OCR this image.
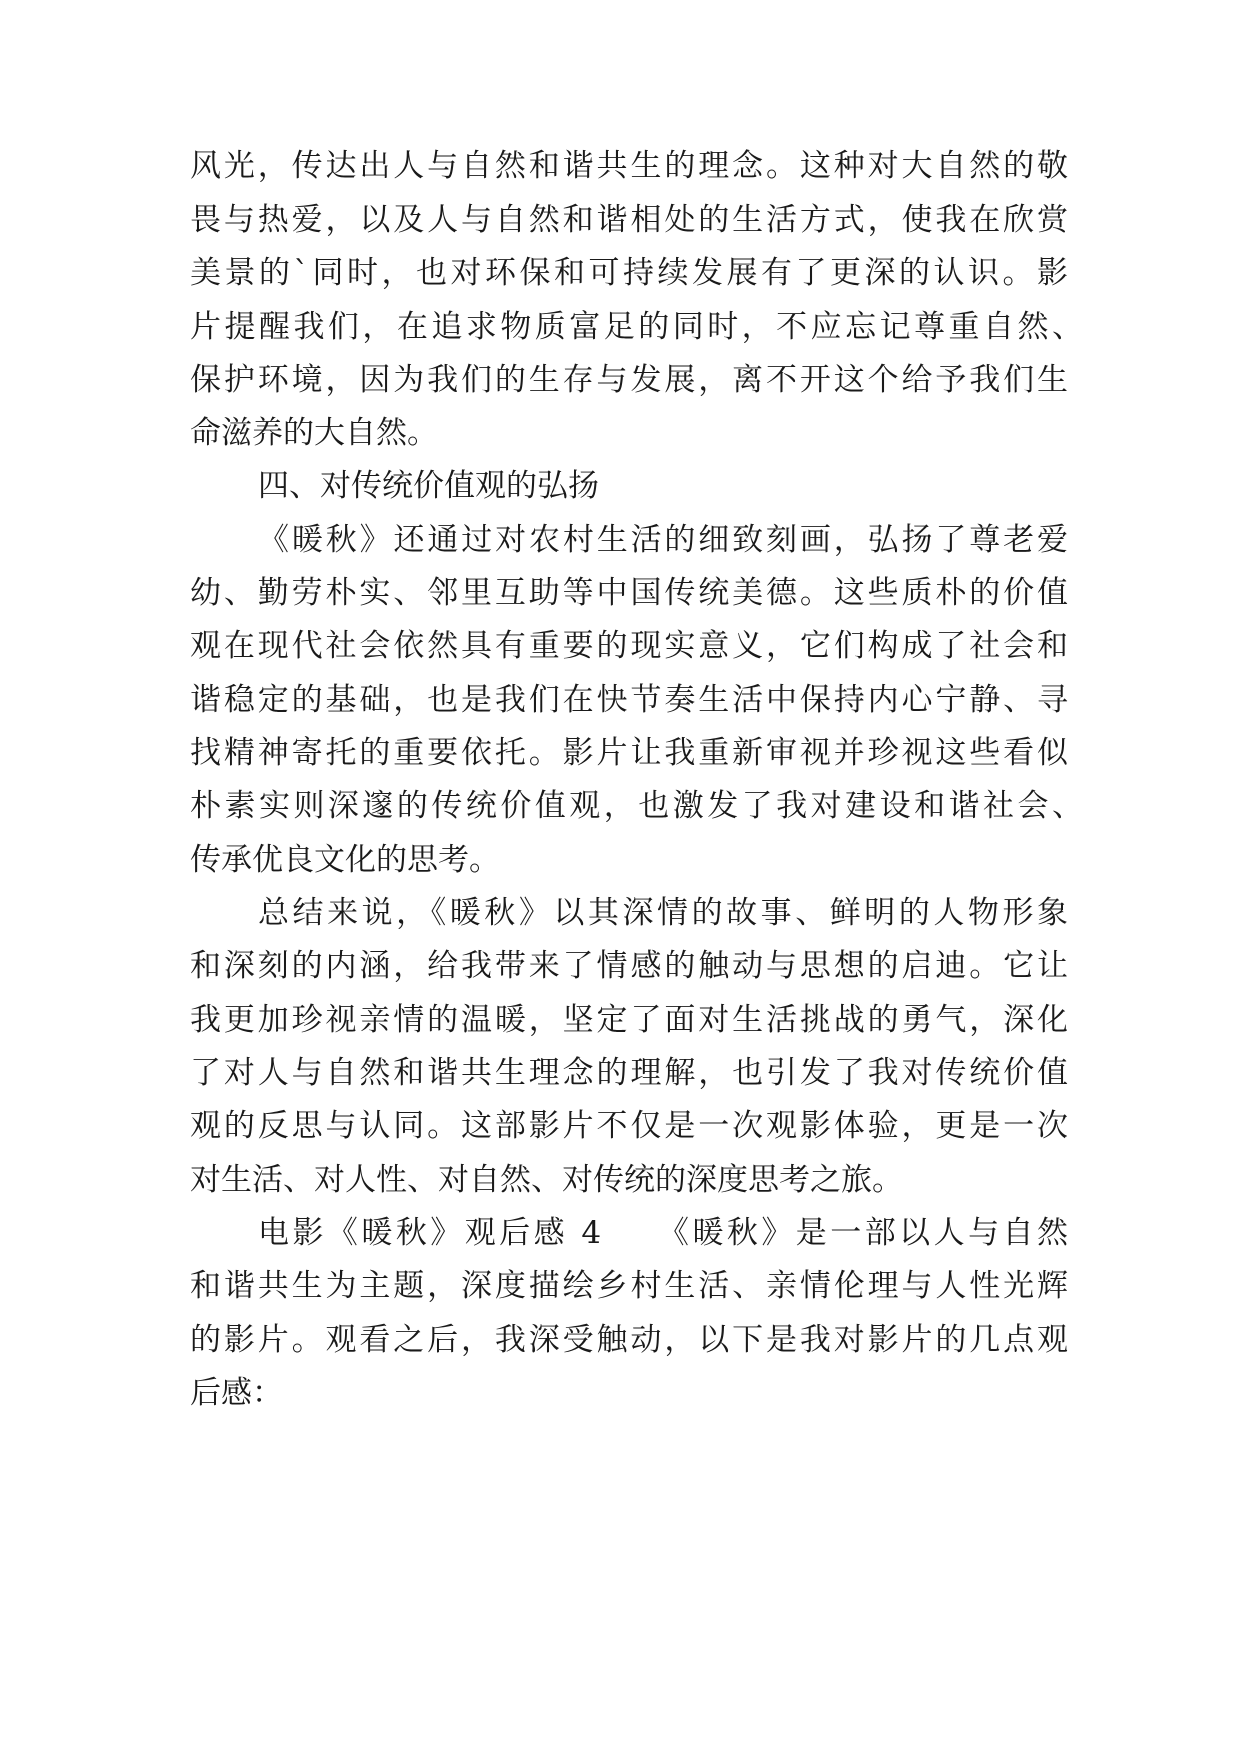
风光，传达出人与自然和谐共生的理念。这种对大自然的敬
畏与热爱，以及人与自然和谐相处的生活方式，使我在欣赏
美景的`同时，也对环保和可持续发展有了更深的认识。影
片提醒我们，在追求物质富足的同时，不应忘记尊重自然、
保护环境，因为我们的生存与发展，离不开这个给予我们生
命滋养的大自然。
四、对传统价值观的弘扬
《暖秋》还通过对农村生活的细致刻画，弘扬了尊老爱
幼、勤劳朴实、邻里互助等中国传统美德。这些质朴的价值
观在现代社会依然具有重要的现实意义，它们构成了社会和
谐稳定的基础，也是我们在快节奏生活中保持内心宁静、寻
找精神寄托的重要依托。影片让我重新审视并珍视这些看似
朴素实则深邃的传统价值观，也激发了我对建设和谐社会、
传承优良文化的思考。
总结来说，《暖秋》以其深情的故事、鲜明的人物形象
和深刻的内涵，给我带来了情感的触动与思想的启迪。它让
我更加珍视亲情的温暖，坚定了面对生活挑战的勇气，深化
了对人与自然和谐共生理念的理解，也引发了我对传统价值
观的反思与认同。这部影片不仅是一次观影体验，更是一次
对生活、对人性、对自然、对传统的深度思考之旅。
电影《暖秋》观后感 4　　《暖秋》是一部以人与自然
和谐共生为主题，深度描绘乡村生活、亲情伦理与人性光辉
的影片。观看之后，我深受触动，以下是我对影片的几点观
后感：
